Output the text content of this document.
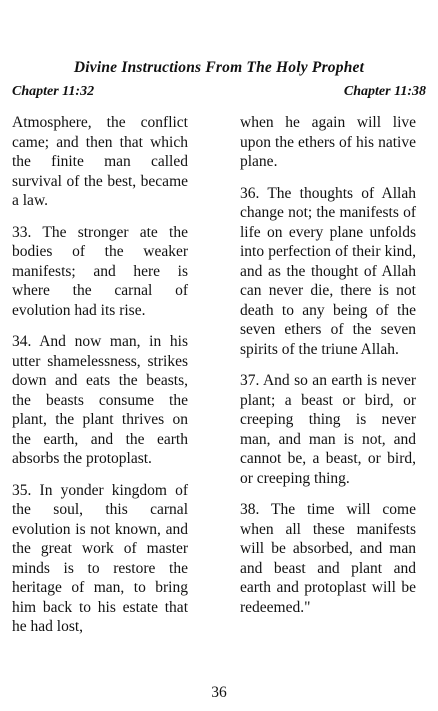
Divine Instructions From The Holy Prophet
Chapter 11:32	Chapter 11:38

Atmosphere, the conflict came; and then that which the finite man called survival of the best, became a law.

33. The stronger ate the bodies of the weaker manifests; and here is where the carnal of evolution had its rise.

34. And now man, in his utter shamelessness, strikes down and eats the beasts, the beasts consume the plant, the plant thrives on the earth, and the earth absorbs the protoplast.

35. In yonder kingdom of the soul, this carnal evolution is not known, and the great work of master minds is to restore the heritage of man, to bring him back to his estate that he had lost,

when he again will live upon the ethers of his native plane.

36. The thoughts of Allah change not; the manifests of life on every plane unfolds into perfection of their kind, and as the thought of Allah can never die, there is not death to any being of the seven ethers of the seven spirits of the triune Allah.

37. And so an earth is never plant; a beast or bird, or creeping thing is never man, and man is not, and cannot be, a beast, or bird, or creeping thing.

38. The time will come when all these manifests will be absorbed, and man and beast and plant and earth and protoplast will be redeemed."

36
